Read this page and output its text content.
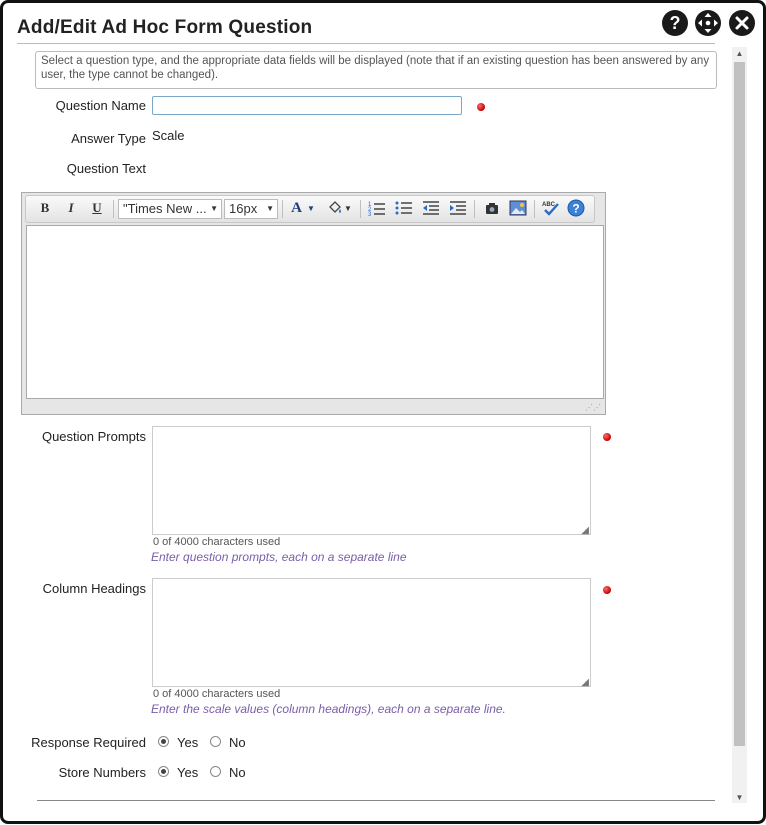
Add/Edit Ad Hoc Form Question	?
▲
▼
Select a question type, and the appropriate data fields will be displayed (note that if an existing question has been answered by any user, the type cannot be changed).
Question Name
Answer Type Scale
Question Text
B	I	U	"Times New ... ▼ 16px ▼ A ▼	▼	1
2
3
ABC ?
⋰⋰
Question Prompts
◢
0 of 4000 characters used
Enter question prompts, each on a separate line
Column Headings
◢
0 of 4000 characters used
Enter the scale values (column headings), each on a separate line.
Response Required Yes No
Store Numbers Yes No
